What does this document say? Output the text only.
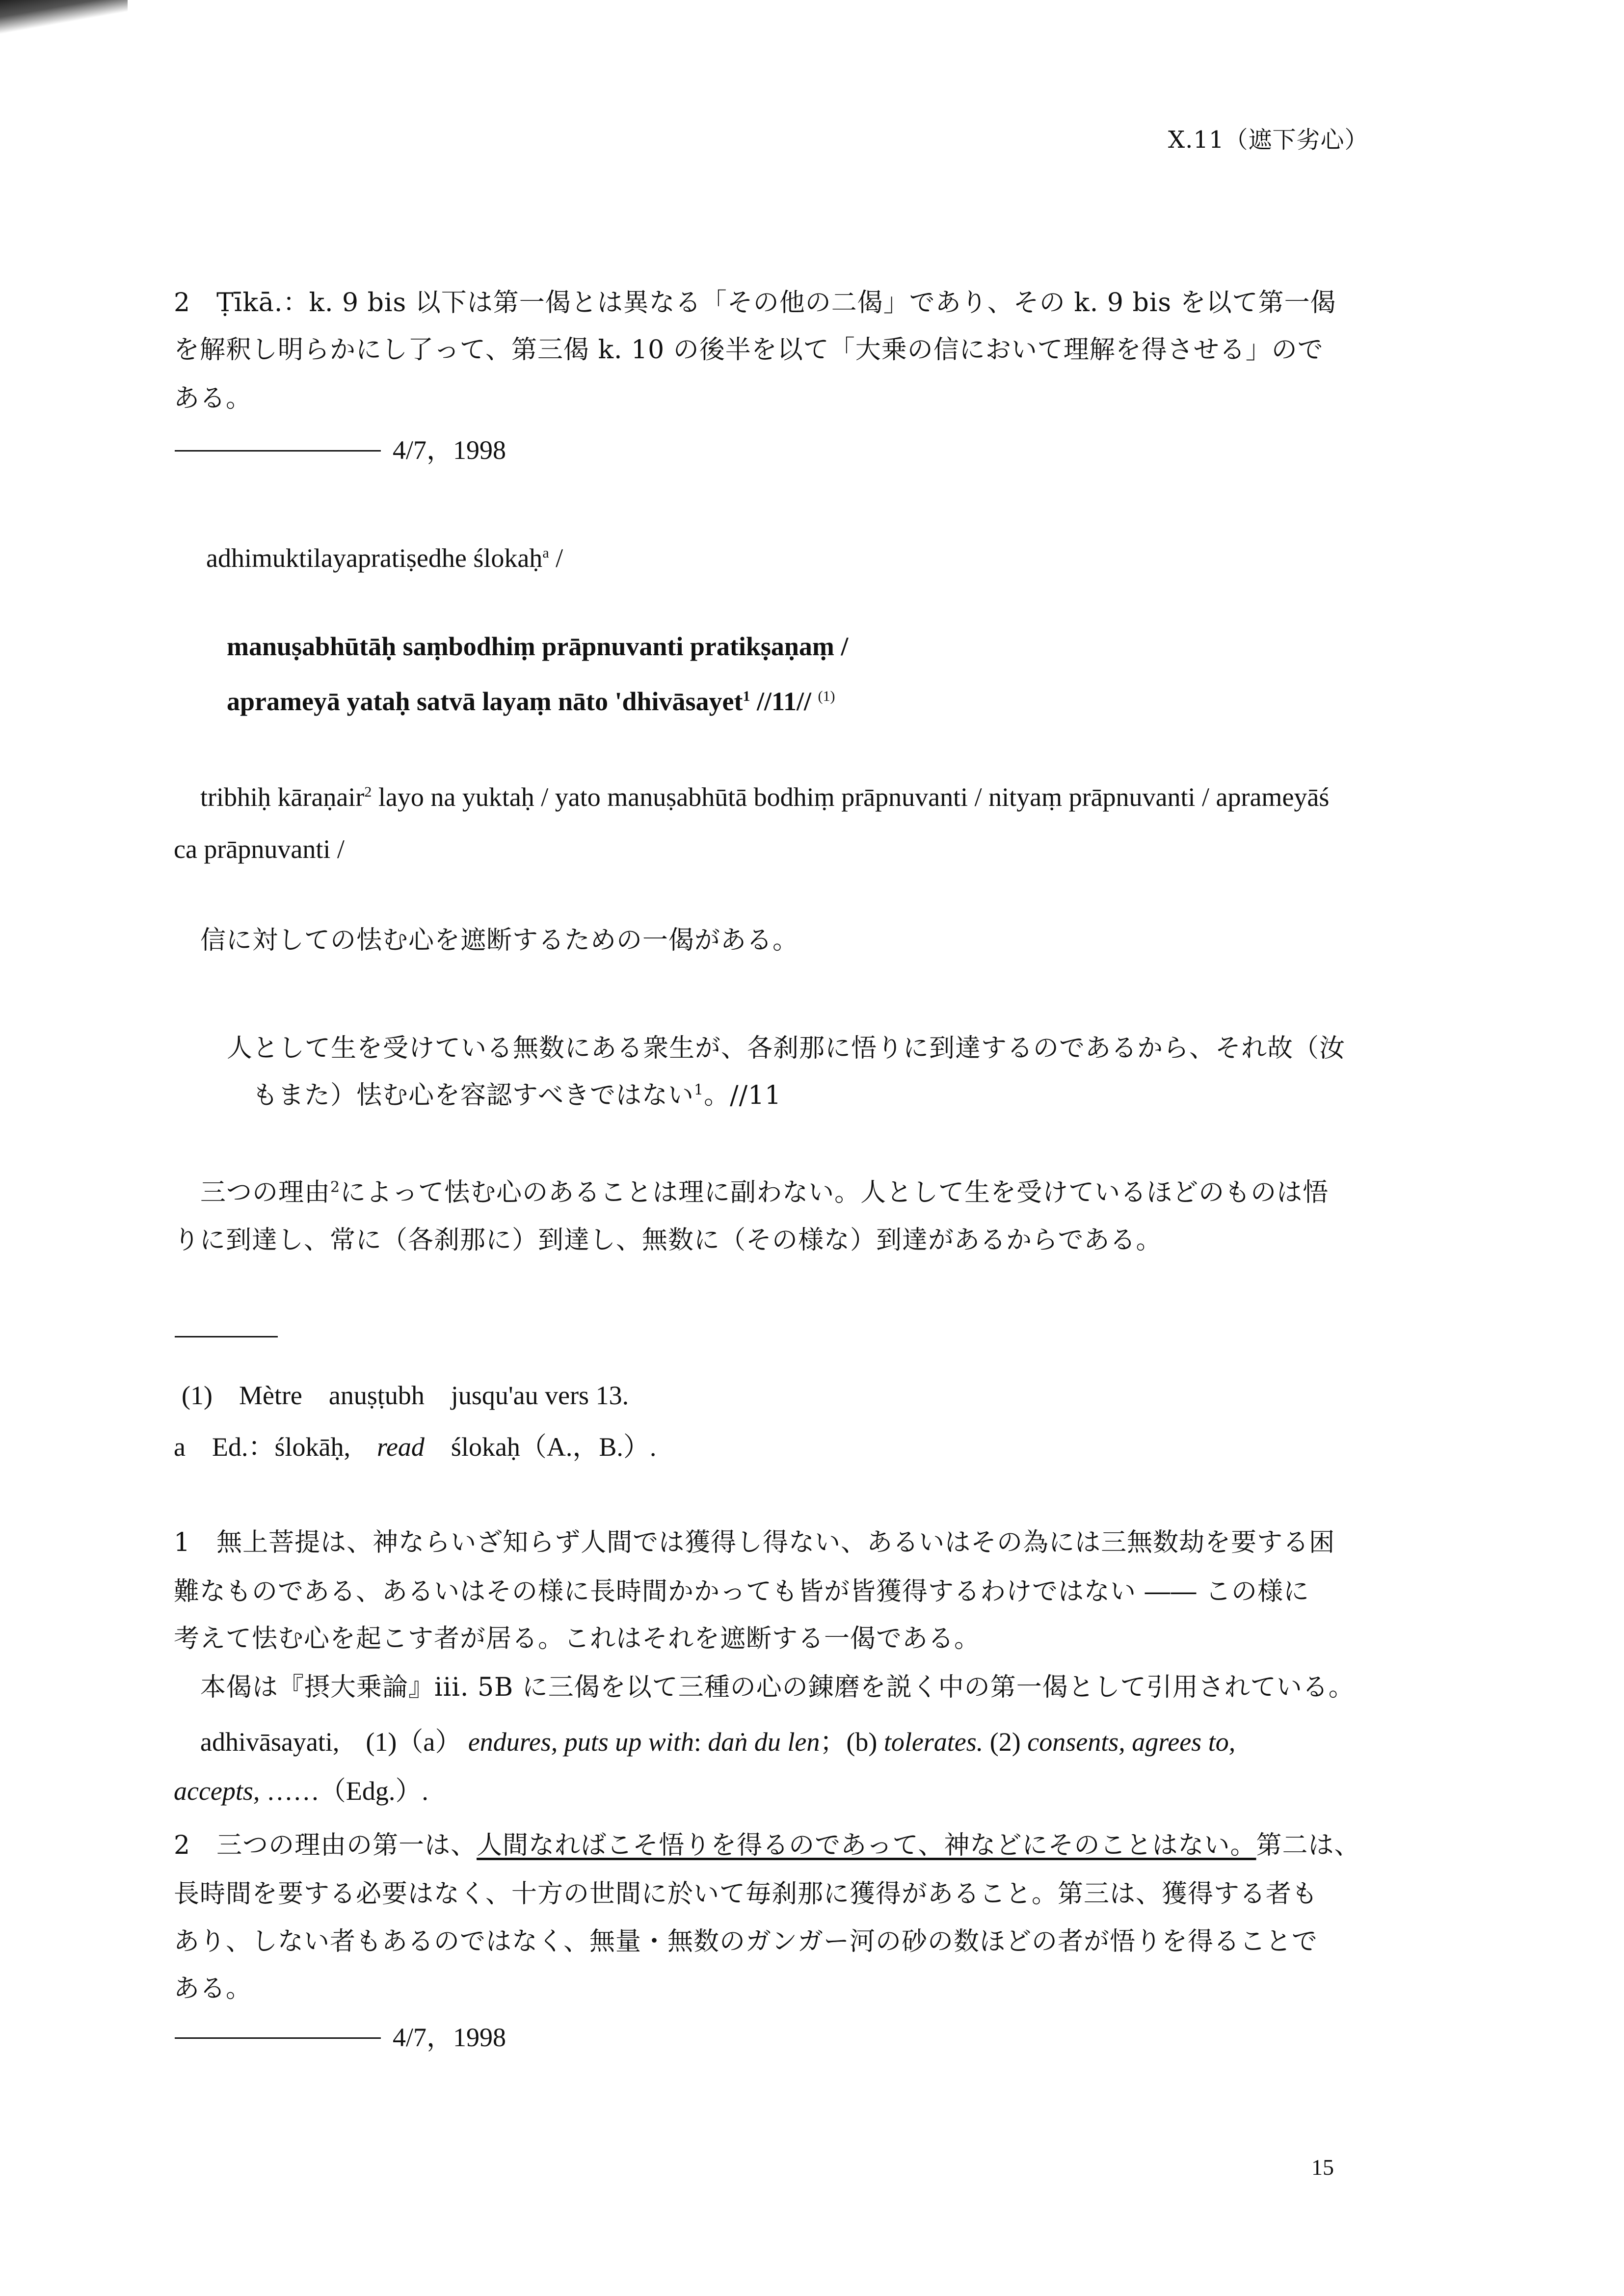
X.11（遮下劣心）
2　Ṭīkā.：k. 9 bis 以下は第一偈とは異なる「その他の二偈」であり、その k. 9 bis を以て第一偈
を解釈し明らかにし了って、第三偈 k. 10 の後半を以て「大乗の信において理解を得させる」ので
ある。
4/7，1998
adhimuktilayapratiṣedhe ślokaḥ$^a$ /
manuṣabhūtāḥ saṃbodhiṃ prāpnuvanti pratikṣaṇaṃ /
aprameyā yataḥ satvā layaṃ nāto 'dhivāsayet$^1$ //11// $^{(1)}$
tribhiḥ kāraṇair$^2$ layo na yuktaḥ / yato manuṣabhūtā bodhiṃ prāpnuvanti / nityaṃ prāpnuvanti / aprameyāś
ca prāpnuvanti /
信に対しての怯む心を遮断するための一偈がある。
人として生を受けている無数にある衆生が、各刹那に悟りに到達するのであるから、それ故（汝
もまた）怯む心を容認すべきではない$^1$。//11
三つの理由$^2$によって怯む心のあることは理に副わない。人として生を受けているほどのものは悟
りに到達し、常に（各刹那に）到達し、無数に（その様な）到達があるからである。
(1) Mètre　anuṣṭubh　jusqu'au vers 13.
a　Ed.：ślokāḥ,　read　ślokaḥ（A.，B.）.
1　無上菩提は、神ならいざ知らず人間では獲得し得ない、あるいはその為には三無数劫を要する困
難なものである、あるいはその様に長時間かかっても皆が皆獲得するわけではない ―― この様に
考えて怯む心を起こす者が居る。これはそれを遮断する一偈である。
本偈は『摂大乗論』iii. 5B に三偈を以て三種の心の錬磨を説く中の第一偈として引用されている。
adhivāsayati,　(1)（a） endures, puts up with: daṅ du len；(b) tolerates. (2) consents, agrees to,
accepts, ……（Edg.）.
2　三つの理由の第一は、人間なればこそ悟りを得るのであって、神などにそのことはない。第二は、
長時間を要する必要はなく、十方の世間に於いて毎刹那に獲得があること。第三は、獲得する者も
あり、しない者もあるのではなく、無量・無数のガンガー河の砂の数ほどの者が悟りを得ることで
ある。
4/7，1998
15
